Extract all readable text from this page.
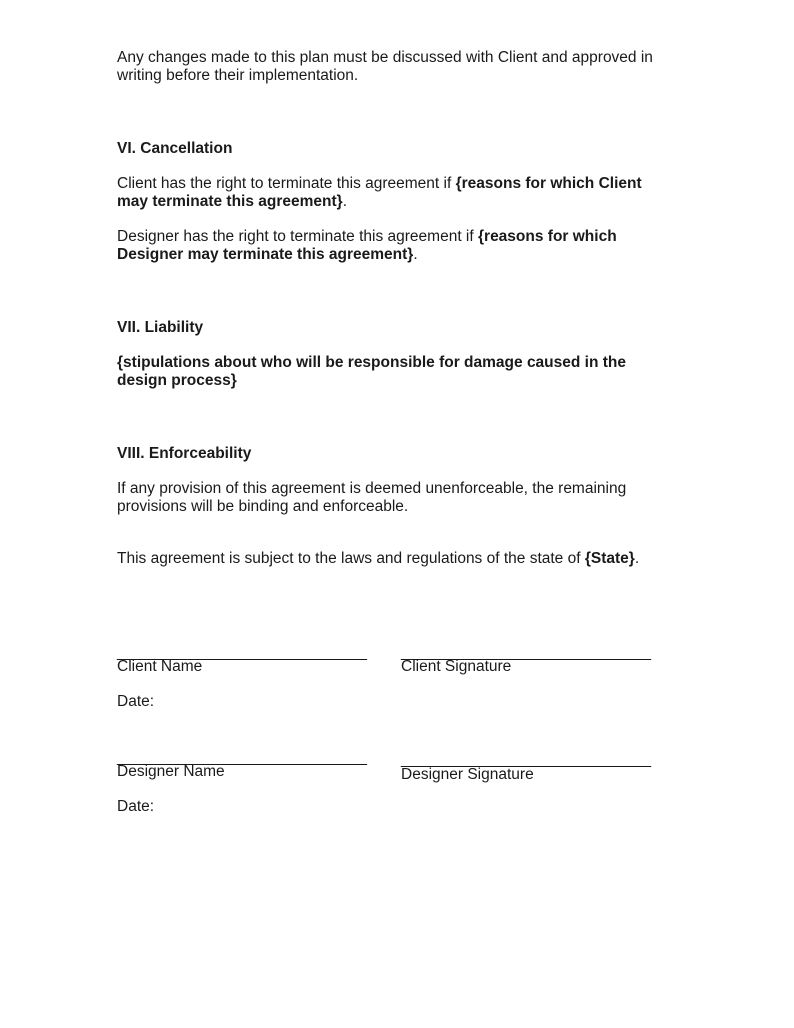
Any changes made to this plan must be discussed with Client and approved in writing before their implementation.

VI. Cancellation

Client has the right to terminate this agreement if {reasons for which Client may terminate this agreement}.

Designer has the right to terminate this agreement if {reasons for which Designer may terminate this agreement}.

VII. Liability

{stipulations about who will be responsible for damage caused in the design process}

VIII. Enforceability

If any provision of this agreement is deemed unenforceable, the remaining provisions will be binding and enforceable.

This agreement is subject to the laws and regulations of the state of {State}.

_____________________________	_____________________________
Client Name	Client Signature
Date:
_____________________________	_____________________________
Designer Name	Designer Signature
Date:
